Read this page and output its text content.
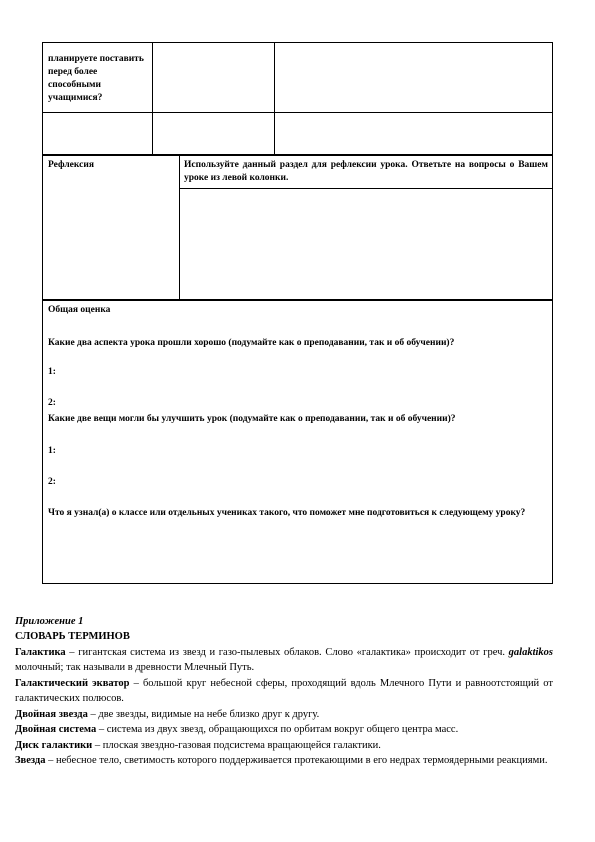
планируете поставить перед более способными учащимися?
Рефлексия	Используйте данный раздел для рефлексии урока. Ответьте на вопросы о Вашем уроке из левой колонки.
Общая оценка
Какие два аспекта урока прошли хорошо (подумайте как о преподавании, так и об обучении)?
1:
2:
Какие две вещи могли бы улучшить урок (подумайте как о преподавании, так и об обучении)?
1:
2:
Что я узнал(а) о классе или отдельных учениках такого, что поможет мне подготовиться к следующему уроку?
Приложение 1
СЛОВАРЬ ТЕРМИНОВ
Галактика – гигантская система из звезд и газо-пылевых облаков. Слово «галактика» происходит от греч. galaktikos молочный; так называли в древности Млечный Путь.
Галактический экватор – большой круг небесной сферы, проходящий вдоль Млечного Пути и равноотстоящий от галактических полюсов.
Двойная звезда – две звезды, видимые на небе близко друг к другу.
Двойная система – система из двух звезд, обращающихся по орбитам вокруг общего центра масс.
Диск галактики – плоская звездно-газовая подсистема вращающейся галактики.
Звезда – небесное тело, светимость которого поддерживается протекающими в его недрах термоядерными реакциями.
